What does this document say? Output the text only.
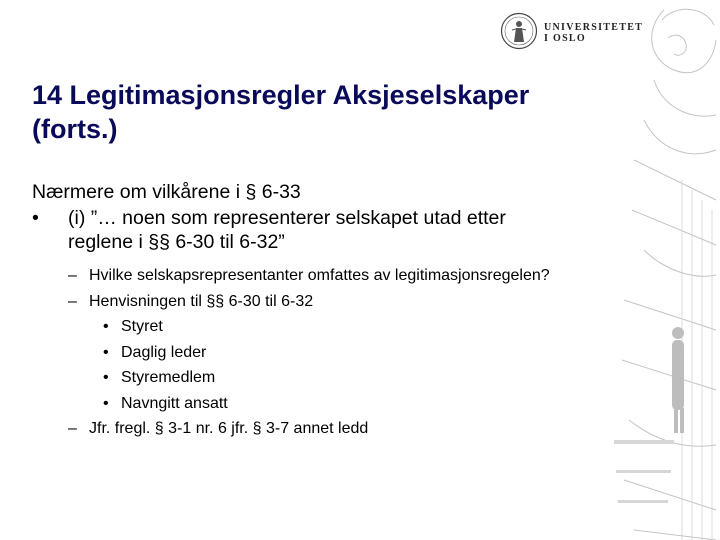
UNIVERSITETET
I OSLO
14 Legitimasjonsregler Aksjeselskaper
(forts.)
Nærmere om vilkårene i § 6-33
•	(i) ”… noen som representerer selskapet utad etter
reglene i §§ 6-30 til 6-32”
– Hvilke selskapsrepresentanter omfattes av legitimasjonsregelen?
– Henvisningen til §§ 6-30 til 6-32
• Styret
• Daglig leder
• Styremedlem
• Navngitt ansatt
– Jfr. fregl. § 3-1 nr. 6 jfr. § 3-7 annet ledd
